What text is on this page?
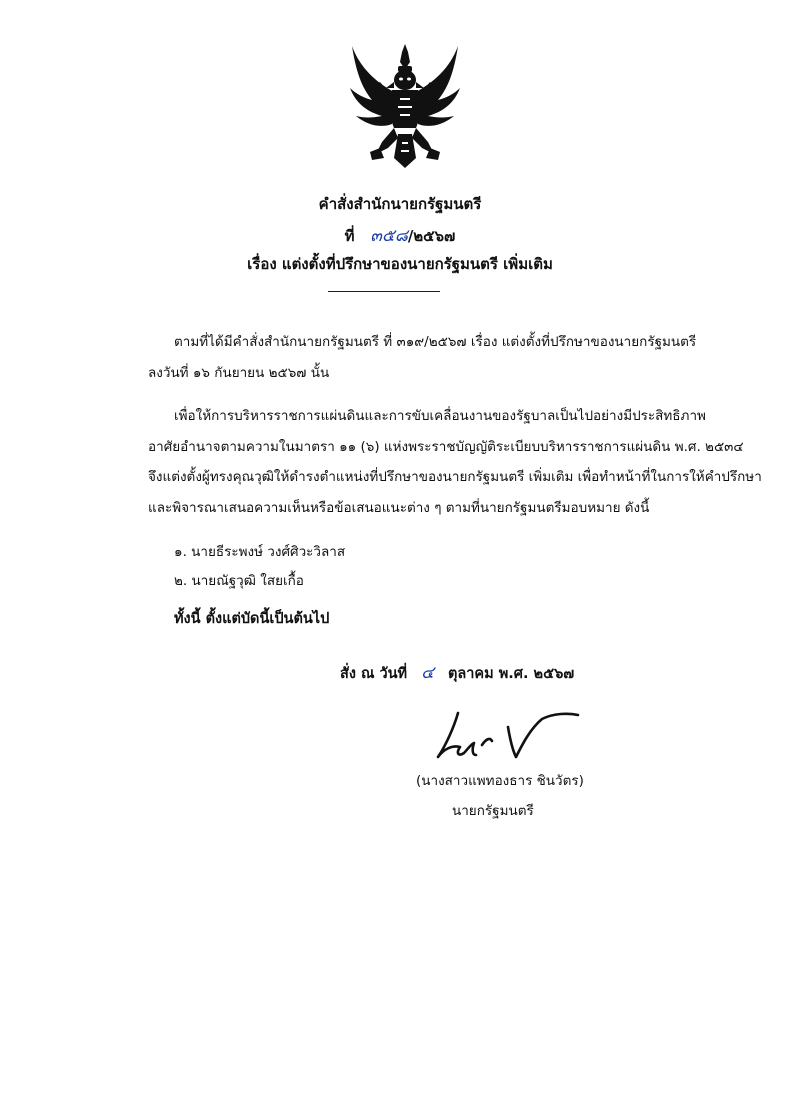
คำสั่งสำนักนายกรัฐมนตรี
ที่ ๓๕๘/๒๕๖๗
เรื่อง แต่งตั้งที่ปรึกษาของนายกรัฐมนตรี เพิ่มเติม

ตามที่ได้มีคำสั่งสำนักนายกรัฐมนตรี ที่ ๓๑๙/๒๕๖๗ เรื่อง แต่งตั้งที่ปรึกษาของนายกรัฐมนตรี

ลงวันที่ ๑๖ กันยายน ๒๕๖๗ นั้น

เพื่อให้การบริหารราชการแผ่นดินและการขับเคลื่อนงานของรัฐบาลเป็นไปอย่างมีประสิทธิภาพ

อาศัยอำนาจตามความในมาตรา ๑๑ (๖) แห่งพระราชบัญญัติระเบียบบริหารราชการแผ่นดิน พ.ศ. ๒๕๓๔

จึงแต่งตั้งผู้ทรงคุณวุฒิให้ดำรงตำแหน่งที่ปรึกษาของนายกรัฐมนตรี เพิ่มเติม เพื่อทำหน้าที่ในการให้คำปรึกษา

และพิจารณาเสนอความเห็นหรือข้อเสนอแนะต่าง ๆ ตามที่นายกรัฐมนตรีมอบหมาย ดังนี้

๑. นายธีระพงษ์ วงศ์ศิวะวิลาส
๒. นายณัฐวุฒิ ใสยเกื้อ
ทั้งนี้ ตั้งแต่บัดนี้เป็นต้นไป
สั่ง ณ วันที่ ๔ ตุลาคม พ.ศ. ๒๕๖๗
(นางสาวแพทองธาร ชินวัตร)
นายกรัฐมนตรี
